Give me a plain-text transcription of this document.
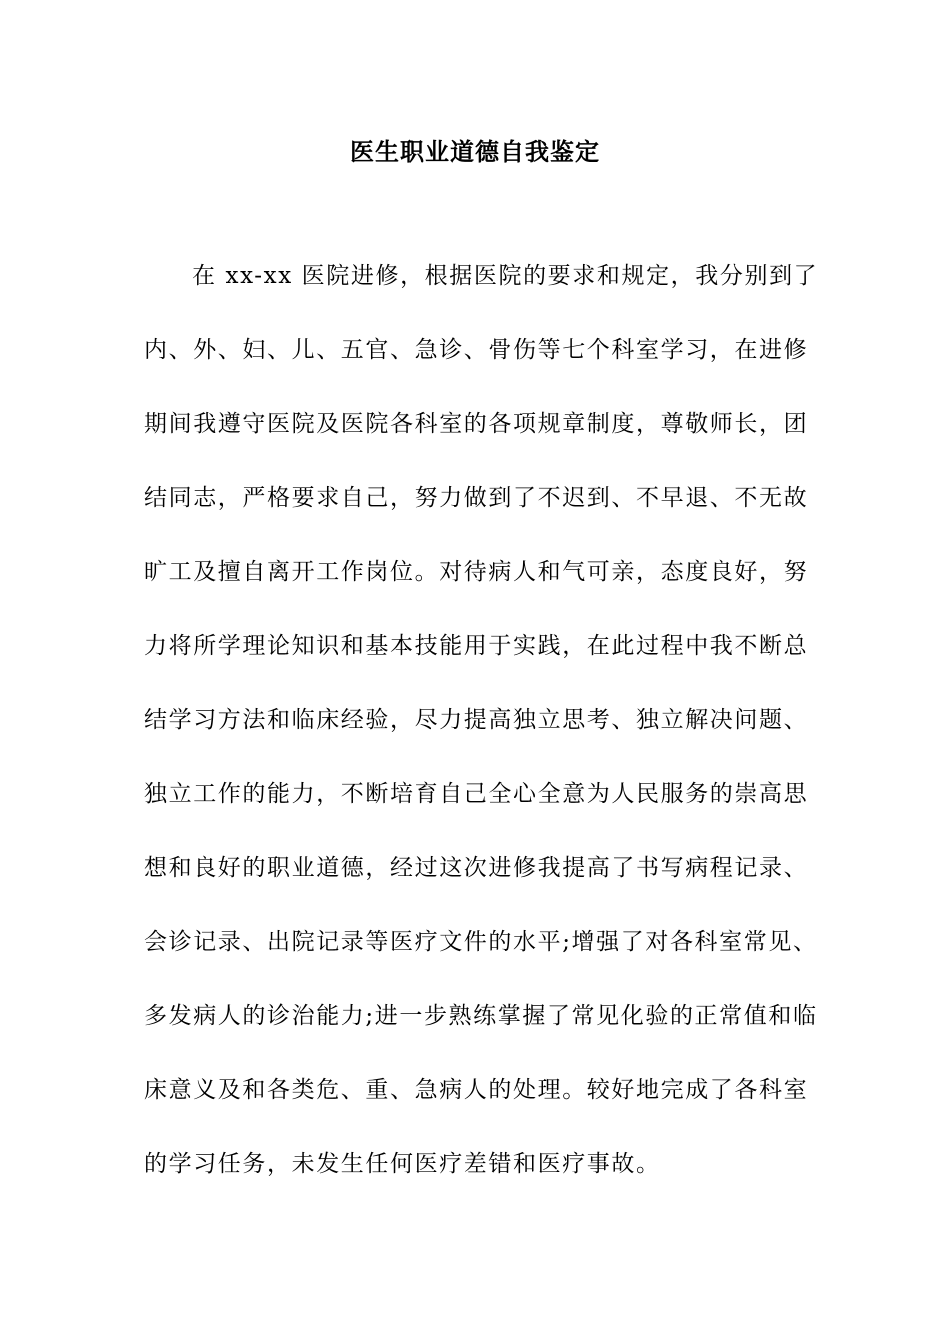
医生职业道德自我鉴定
在 xx-xx 医院进修，根据医院的要求和规定，我分别到了
内、外、妇、儿、五官、急诊、骨伤等七个科室学习，在进修
期间我遵守医院及医院各科室的各项规章制度，尊敬师长，团
结同志，严格要求自己，努力做到了不迟到、不早退、不无故
旷工及擅自离开工作岗位。对待病人和气可亲，态度良好，努
力将所学理论知识和基本技能用于实践，在此过程中我不断总
结学习方法和临床经验，尽力提高独立思考、独立解决问题、
独立工作的能力，不断培育自己全心全意为人民服务的崇高思
想和良好的职业道德，经过这次进修我提高了书写病程记录、
会诊记录、出院记录等医疗文件的水平;增强了对各科室常见、
多发病人的诊治能力;进一步熟练掌握了常见化验的正常值和临
床意义及和各类危、重、急病人的处理。较好地完成了各科室
的学习任务，未发生任何医疗差错和医疗事故。
